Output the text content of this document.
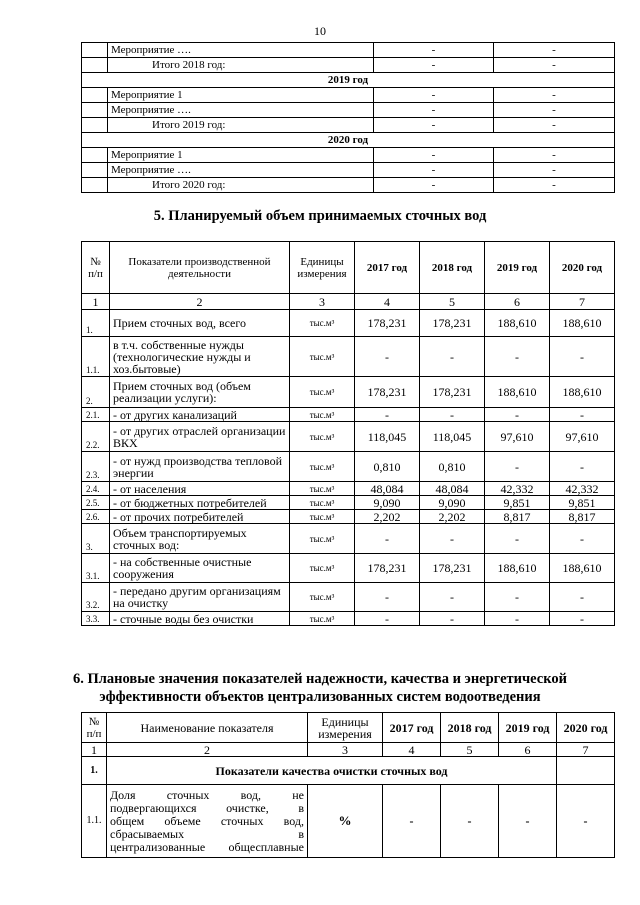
10
	Мероприятие ….	-	-
	Итого 2018 год:	-	-
2019 год			
	Мероприятие 1	-	-
	Мероприятие ….	-	-
	Итого 2019 год:	-	-
2020 год			
	Мероприятие 1	-	-
	Мероприятие ….	-	-
	Итого 2020 год:	-	-
5. Планируемый объем принимаемых сточных вод
№ п/п	Показатели производственной деятельности	Единицы измерения	2017 год	2018 год	2019 год	2020 год
1	2	3	4	5	6	7
1.	Прием сточных вод, всего	тыс.м³	178,231	178,231	188,610	188,610
1.1.	в т.ч. собственные нужды (технологические нужды и хоз.бытовые)	тыс.м³	-	-	-	-
2.	Прием сточных вод (объем реализации услуги):	тыс.м³	178,231	178,231	188,610	188,610
2.1.	- от других канализаций	тыс.м³	-	-	-	-
2.2.	- от других отраслей организации ВКХ	тыс.м³	118,045	118,045	97,610	97,610
2.3.	- от нужд производства тепловой энергии	тыс.м³	0,810	0,810	-	-
2.4.	- от населения	тыс.м³	48,084	48,084	42,332	42,332
2.5.	- от бюджетных потребителей	тыс.м³	9,090	9,090	9,851	9,851
2.6.	- от прочих потребителей	тыс.м³	2,202	2,202	8,817	8,817
3.	Объем транспортируемых сточных вод:	тыс.м³	-	-	-	-
3.1.	- на собственные очистные сооружения	тыс.м³	178,231	178,231	188,610	188,610
3.2.	- передано другим организациям на очистку	тыс.м³	-	-	-	-
3.3.	- сточные воды без очистки	тыс.м³	-	-	-	-
6. Плановые значения показателей надежности, качества и энергетической
эффективности объектов централизованных систем водоотведения
№ п/п	Наименование показателя	Единицы измерения	2017 год	2018 год	2019 год	2020 год
1	2	3	4	5	6	7
1.	Показатели качества очистки сточных вод					
1.1.	Доля сточных вод, не
подвергающихся очистке, в
общем объеме сточных вод,
сбрасываемых в
централизованные общесплавные	%	-	-	-	-
